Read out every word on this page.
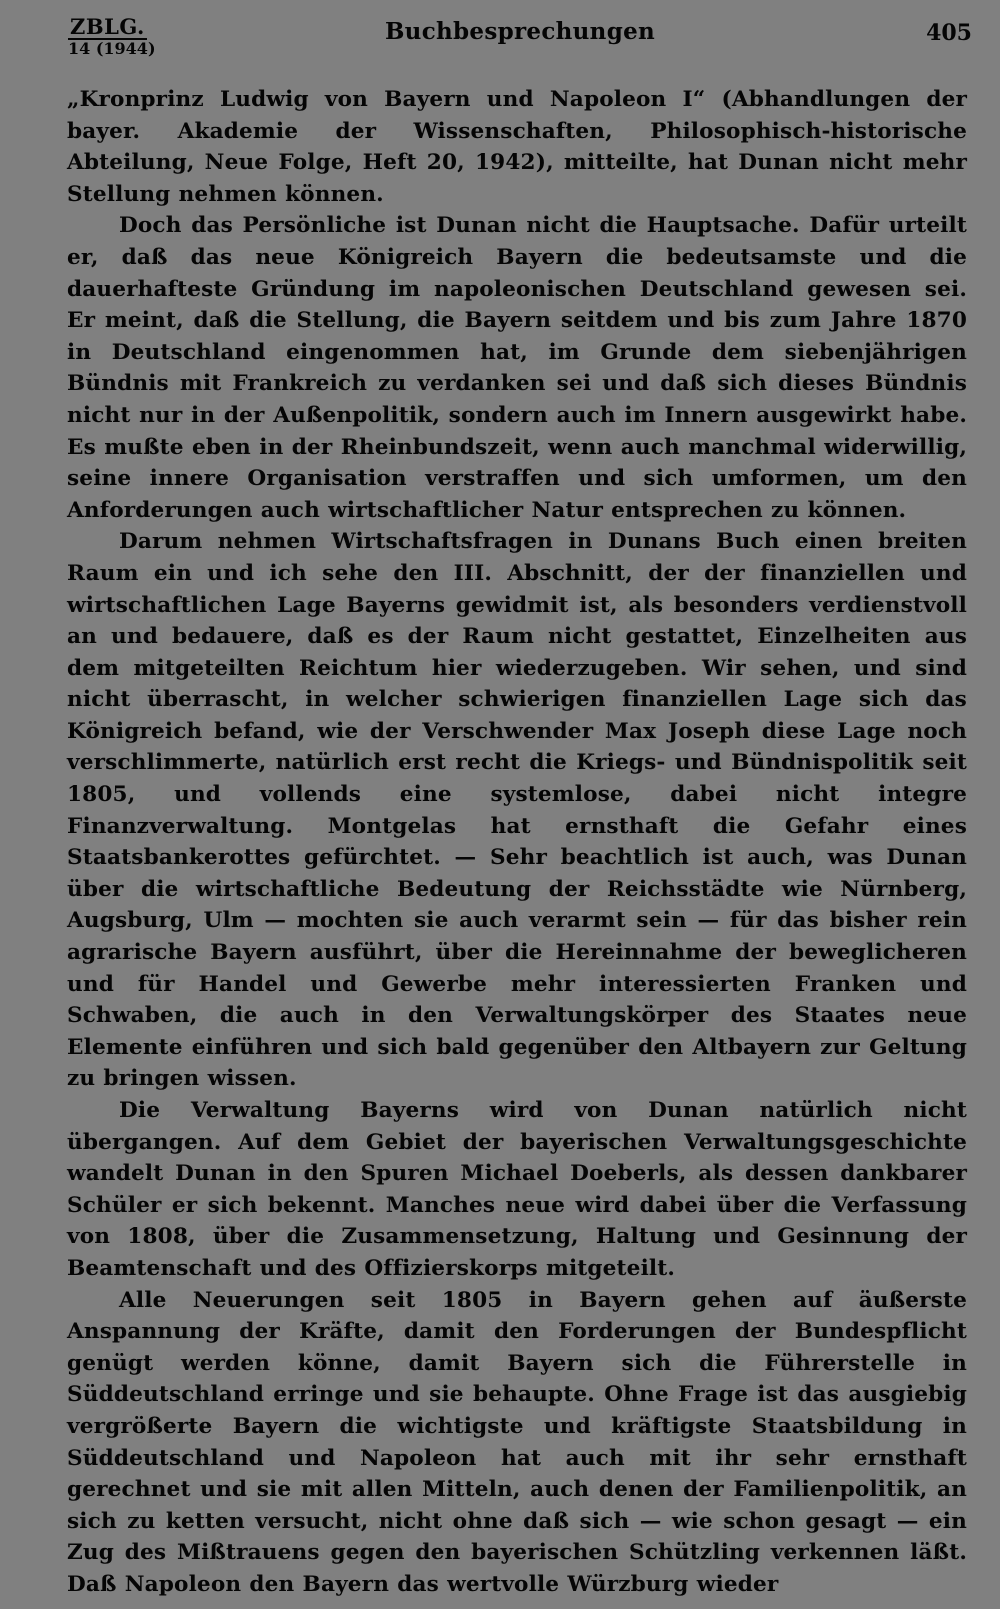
ZBLG.
14 (1944)
Buchbesprechungen	405

„Kronprinz Ludwig von Bayern und Napoleon I“ (Abhandlungen der bayer. Akademie der Wissenschaften, Philosophisch-historische Abteilung, Neue Folge, Heft 20, 1942), mitteilte, hat Dunan nicht mehr Stellung nehmen können.

Doch das Persönliche ist Dunan nicht die Hauptsache. Dafür urteilt er, daß das neue Königreich Bayern die bedeutsamste und die dauerhafteste Gründung im napoleonischen Deutschland gewesen sei. Er meint, daß die Stellung, die Bayern seitdem und bis zum Jahre 1870 in Deutschland eingenommen hat, im Grunde dem siebenjährigen Bündnis mit Frankreich zu verdanken sei und daß sich dieses Bündnis nicht nur in der Außenpolitik, sondern auch im Innern ausgewirkt habe. Es mußte eben in der Rheinbundszeit, wenn auch manchmal widerwillig, seine innere Organisation verstraffen und sich umformen, um den Anforderungen auch wirtschaftlicher Natur entsprechen zu können.

Darum nehmen Wirtschaftsfragen in Dunans Buch einen breiten Raum ein und ich sehe den III. Abschnitt, der der finanziellen und wirtschaftlichen Lage Bayerns gewidmit ist, als besonders verdienstvoll an und bedauere, daß es der Raum nicht gestattet, Einzelheiten aus dem mitgeteilten Reichtum hier wiederzugeben. Wir sehen, und sind nicht überrascht, in welcher schwierigen finanziellen Lage sich das Königreich befand, wie der Verschwender Max Joseph diese Lage noch verschlimmerte, natürlich erst recht die Kriegs- und Bündnispolitik seit 1805, und vollends eine systemlose, dabei nicht integre Finanzverwaltung. Montgelas hat ernsthaft die Gefahr eines Staatsbankerottes gefürchtet. — Sehr beachtlich ist auch, was Dunan über die wirtschaftliche Bedeutung der Reichsstädte wie Nürnberg, Augsburg, Ulm — mochten sie auch verarmt sein — für das bisher rein agrarische Bayern ausführt, über die Hereinnahme der beweglicheren und für Handel und Gewerbe mehr interessierten Franken und Schwaben, die auch in den Verwaltungskörper des Staates neue Elemente einführen und sich bald gegenüber den Altbayern zur Geltung zu bringen wissen.

Die Verwaltung Bayerns wird von Dunan natürlich nicht übergangen. Auf dem Gebiet der bayerischen Verwaltungsgeschichte wandelt Dunan in den Spuren Michael Doeberls, als dessen dankbarer Schüler er sich bekennt. Manches neue wird dabei über die Verfassung von 1808, über die Zusammensetzung, Haltung und Gesinnung der Beamtenschaft und des Offizierskorps mitgeteilt.

Alle Neuerungen seit 1805 in Bayern gehen auf äußerste Anspannung der Kräfte, damit den Forderungen der Bundespflicht genügt werden könne, damit Bayern sich die Führerstelle in Süddeutschland erringe und sie behaupte. Ohne Frage ist das ausgiebig vergrößerte Bayern die wichtigste und kräftigste Staatsbildung in Süddeutschland und Napoleon hat auch mit ihr sehr ernsthaft gerechnet und sie mit allen Mitteln, auch denen der Familienpolitik, an sich zu ketten versucht, nicht ohne daß sich — wie schon gesagt — ein Zug des Mißtrauens gegen den bayerischen Schützling verkennen läßt. Daß Napoleon den Bayern das wertvolle Würzburg wieder
